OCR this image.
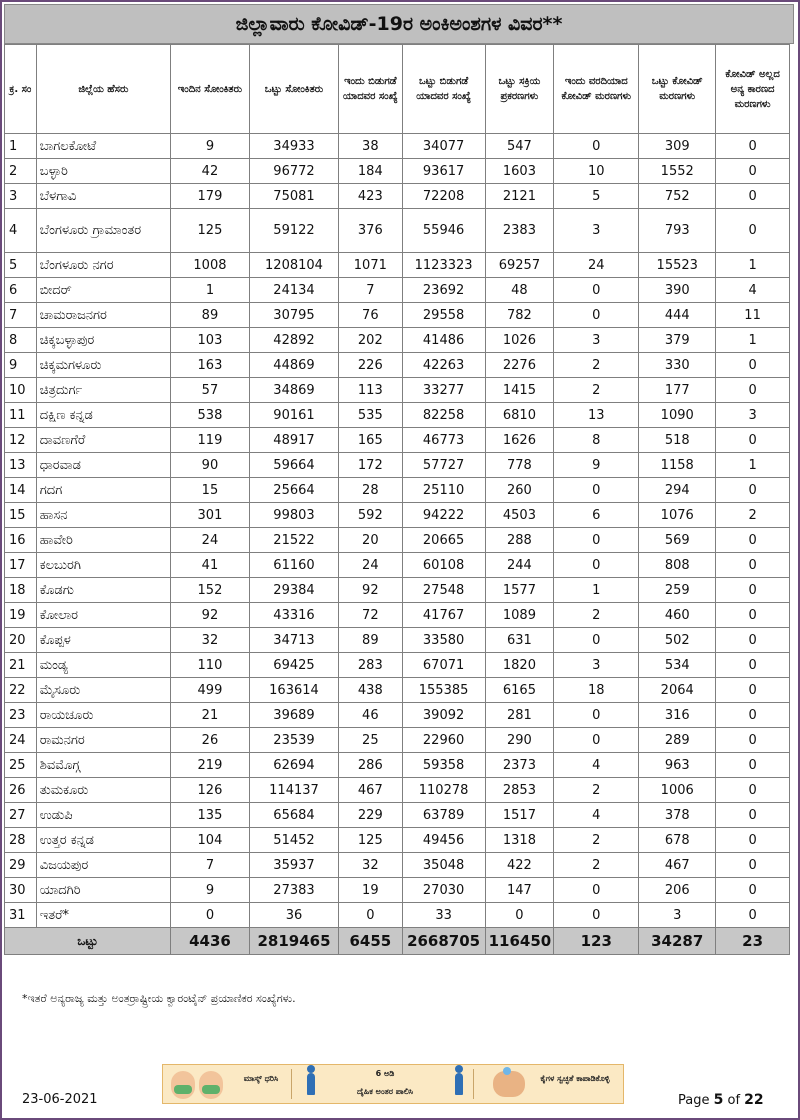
ಜಿಲ್ಲಾವಾರು ಕೋವಿಡ್-19ರ ಅಂಕಿಅಂಶಗಳ ವಿವರ**
ಕ್ರ. ಸಂ	ಜಿಲ್ಲೆಯ ಹೆಸರು	ಇಂದಿನ ಸೋಂಕಿತರು	ಒಟ್ಟು ಸೋಂಕಿತರು	ಇಂದು ಬಿಡುಗಡೆ ಯಾದವರ ಸಂಖ್ಯೆ	ಒಟ್ಟು ಬಿಡುಗಡೆ ಯಾದವರ ಸಂಖ್ಯೆ	ಒಟ್ಟು ಸಕ್ರಿಯ ಪ್ರಕರಣಗಳು	ಇಂದು ವರದಿಯಾದ ಕೋವಿಡ್ ಮರಣಗಳು	ಒಟ್ಟು ಕೋವಿಡ್ ಮರಣಗಳು	ಕೋವಿಡ್ ಅಲ್ಲದ ಅನ್ಯ ಕಾರಣದ ಮರಣಗಳು
1	ಬಾಗಲಕೋಟೆ	9	34933	38	34077	547	0	309	0
2	ಬಳ್ಳಾರಿ	42	96772	184	93617	1603	10	1552	0
3	ಬೆಳಗಾವಿ	179	75081	423	72208	2121	5	752	0
4	ಬೆಂಗಳೂರು ಗ್ರಾಮಾಂತರ	125	59122	376	55946	2383	3	793	0
5	ಬೆಂಗಳೂರು ನಗರ	1008	1208104	1071	1123323	69257	24	15523	1
6	ಬೀದರ್	1	24134	7	23692	48	0	390	4
7	ಚಾಮರಾಜನಗರ	89	30795	76	29558	782	0	444	11
8	ಚಿಕ್ಕಬಳ್ಳಾಪುರ	103	42892	202	41486	1026	3	379	1
9	ಚಿಕ್ಕಮಗಳೂರು	163	44869	226	42263	2276	2	330	0
10	ಚಿತ್ರದುರ್ಗ	57	34869	113	33277	1415	2	177	0
11	ದಕ್ಷಿಣ ಕನ್ನಡ	538	90161	535	82258	6810	13	1090	3
12	ದಾವಣಗೆರೆ	119	48917	165	46773	1626	8	518	0
13	ಧಾರವಾಡ	90	59664	172	57727	778	9	1158	1
14	ಗದಗ	15	25664	28	25110	260	0	294	0
15	ಹಾಸನ	301	99803	592	94222	4503	6	1076	2
16	ಹಾವೇರಿ	24	21522	20	20665	288	0	569	0
17	ಕಲಬುರಗಿ	41	61160	24	60108	244	0	808	0
18	ಕೊಡಗು	152	29384	92	27548	1577	1	259	0
19	ಕೋಲಾರ	92	43316	72	41767	1089	2	460	0
20	ಕೊಪ್ಪಳ	32	34713	89	33580	631	0	502	0
21	ಮಂಡ್ಯ	110	69425	283	67071	1820	3	534	0
22	ಮೈಸೂರು	499	163614	438	155385	6165	18	2064	0
23	ರಾಯಚೂರು	21	39689	46	39092	281	0	316	0
24	ರಾಮನಗರ	26	23539	25	22960	290	0	289	0
25	ಶಿವಮೊಗ್ಗ	219	62694	286	59358	2373	4	963	0
26	ತುಮಕೂರು	126	114137	467	110278	2853	2	1006	0
27	ಉಡುಪಿ	135	65684	229	63789	1517	4	378	0
28	ಉತ್ತರ ಕನ್ನಡ	104	51452	125	49456	1318	2	678	0
29	ವಿಜಯಪುರ	7	35937	32	35048	422	2	467	0
30	ಯಾದಗಿರಿ	9	27383	19	27030	147	0	206	0
31	ಇತರೆ*	0	36	0	33	0	0	3	0
ಒಟ್ಟು		4436	2819465	6455	2668705	116450	123	34287	23
*ಇತರೆ ಅನ್ಯರಾಜ್ಯ ಮತ್ತು ಅಂತರ್ರಾಷ್ಟ್ರೀಯ ಕ್ವಾರಂಟೈನ್ ಪ್ರಯಾಣಿಕರ ಸಂಖ್ಯೆಗಳು.
ಮಾಸ್ಕ್ ಧರಿಸಿ
6 ಅಡಿ
ದೈಹಿಕ ಅಂತರ ಪಾಲಿಸಿ
ಕೈಗಳ ಸ್ವಚ್ಛತೆ ಕಾಪಾಡಿಕೊಳ್ಳಿ
23-06-2021	Page 5 of 22
